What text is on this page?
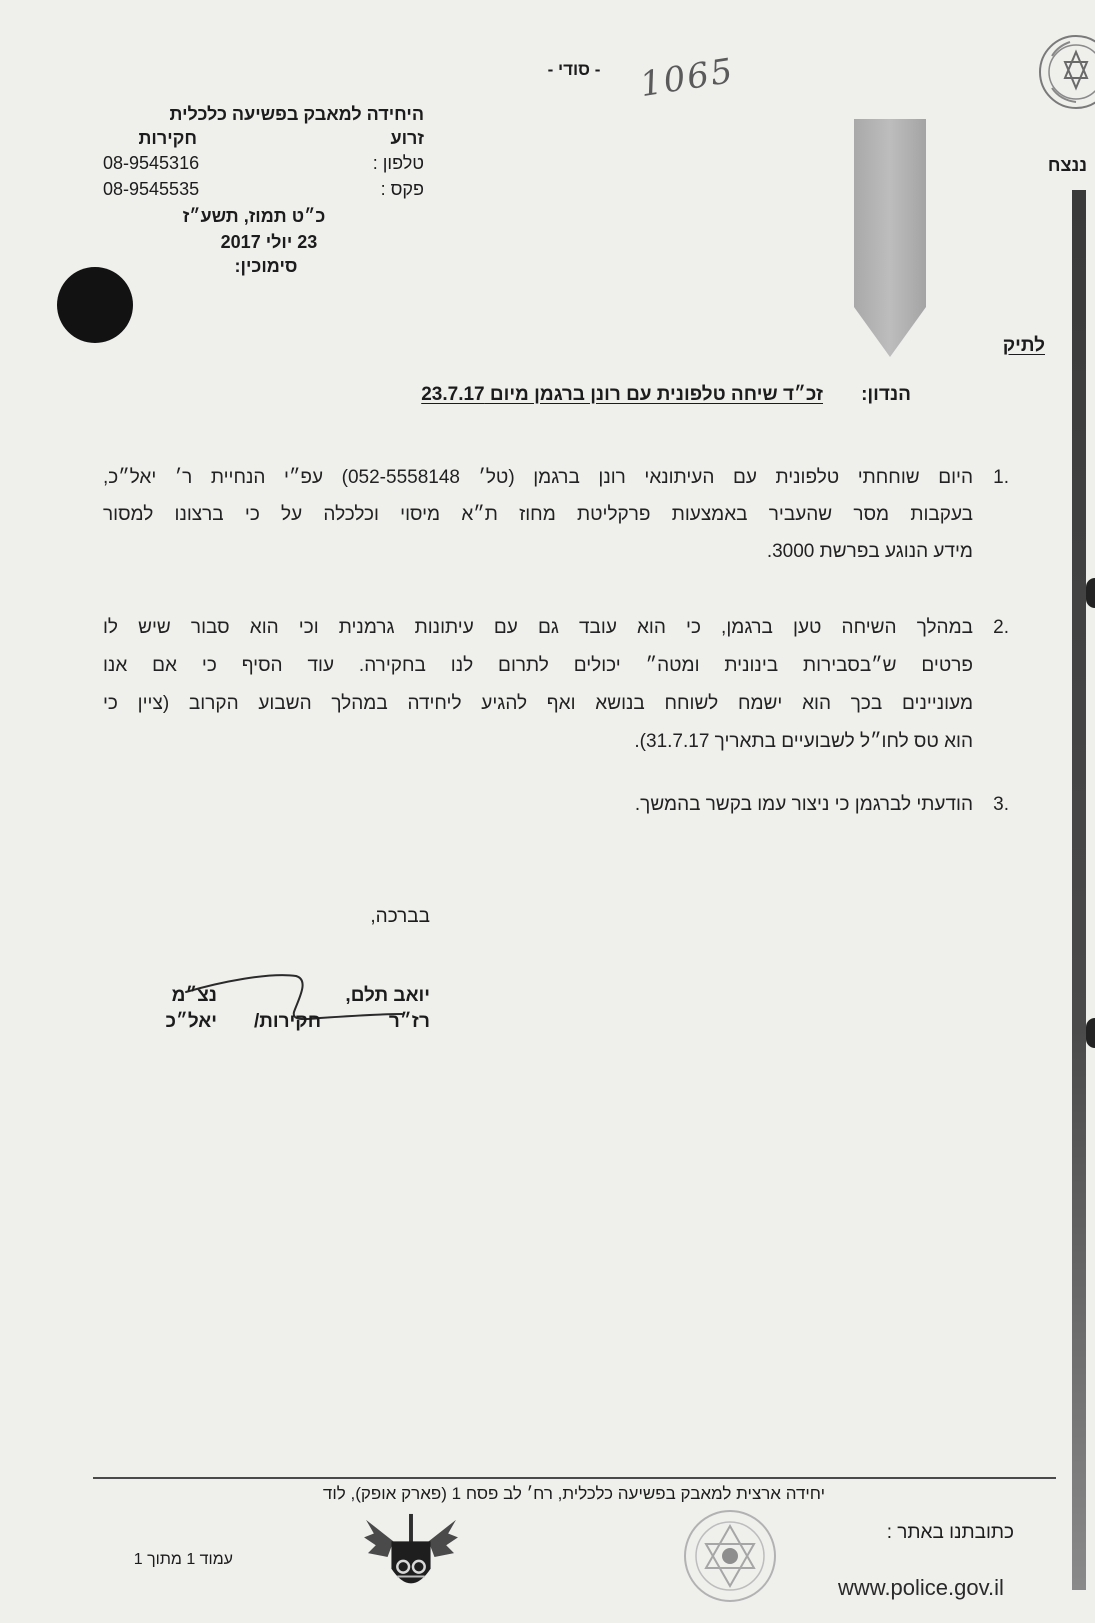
- סודי -	1065
ננצח
היחידה למאבק בפשיעה כלכלית
זרוע
חקירות
טלפון :
08-9545316
פקס :
08-9545535
כ״ט תמוז, תשע״ז
23 יולי 2017
סימוכין:
לתיק
הנדון:
זכ״ד שיחה טלפונית עם רונן ברגמן מיום 23.7.17
1.
היום שוחחתי טלפונית עם העיתונאי רונן ברגמן (טל׳ 052-5558148) עפ״י הנחיית ר׳ יאל״כ,
בעקבות מסר שהעביר באמצעות פרקליטת מחוז ת״א מיסוי וכלכלה על כי ברצונו למסור
מידע הנוגע בפרשת 3000.
2.
במהלך השיחה טען ברגמן, כי הוא עובד גם עם עיתונות גרמנית וכי הוא סבור שיש לו
פרטים ש״בסבירות בינונית ומטה״ יכולים לתרום לנו בחקירה. עוד הסיף כי אם אנו
מעוניינים בכך הוא ישמח לשוחח בנושא ואף להגיע ליחידה במהלך השבוע הקרוב (ציין כי
הוא טס לחו״ל לשבועיים בתאריך 31.7.17).
3.
הודעתי לברגמן כי ניצור עמו בקשר בהמשך.
בברכה,
יואב תלם,
נצ״מ
רז״ר
חקירות/
יאל״כ
יחידה ארצית למאבק בפשיעה כלכלית, רח׳ לב פסח 1 (פארק אופק), לוד
כתובתנו באתר :
www.police.gov.il
עמוד 1 מתוך 1
